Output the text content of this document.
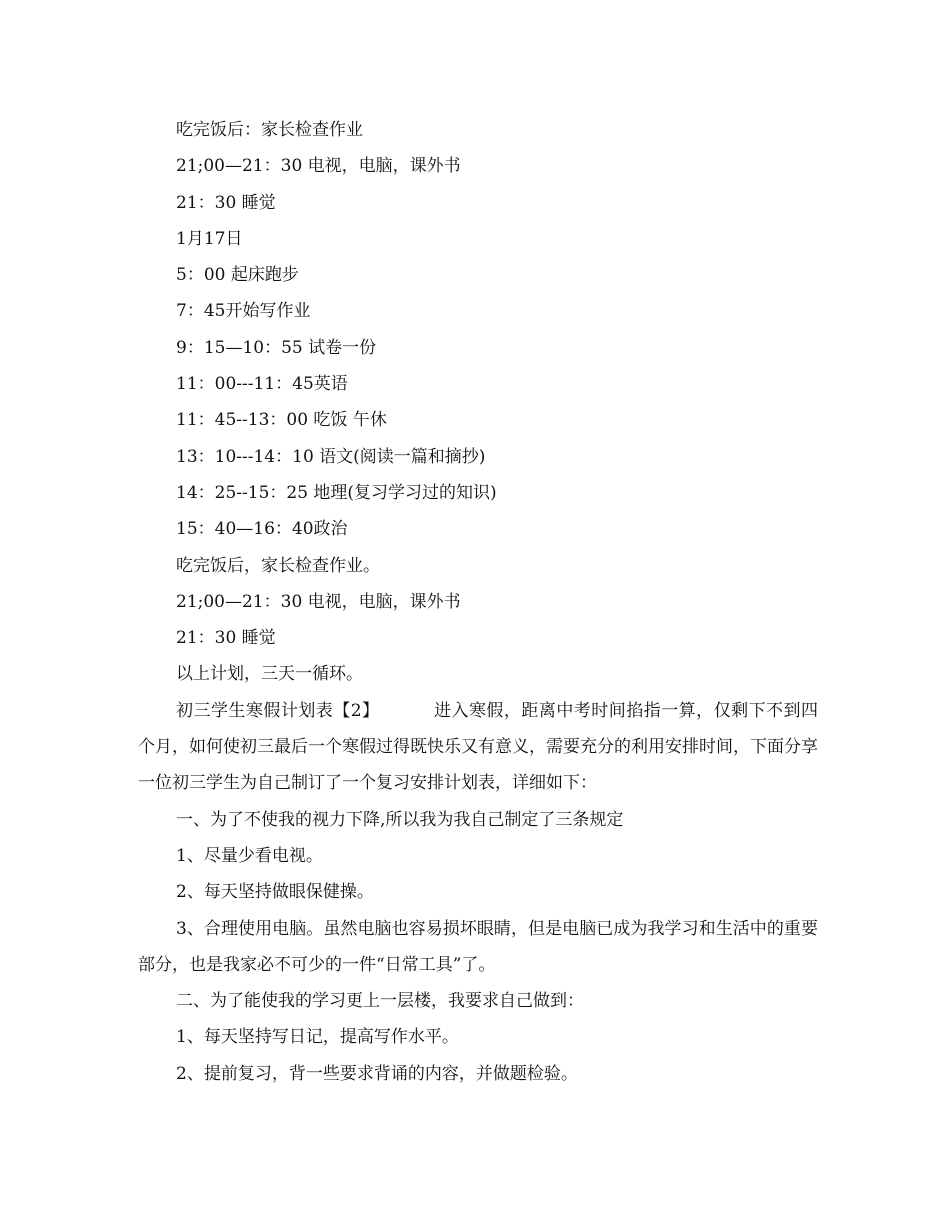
吃完饭后：家长检查作业
21;00—21：30 电视，电脑，课外书
21：30 睡觉
1月17日
5：00 起床跑步
7：45开始写作业
9：15—10：55 试卷一份
11：00---11：45英语
11：45--13：00 吃饭 午休
13：10---14：10 语文(阅读一篇和摘抄)
14：25--15：25 地理(复习学习过的知识)
15：40—16：40政治
吃完饭后，家长检查作业。
21;00—21：30 电视，电脑，课外书
21：30 睡觉
以上计划，三天一循环。
初三学生寒假计划表【2】	进入寒假，距离中考时间掐指一算，仅剩下不到四个月，如何使初三最后一个寒假过得既快乐又有意义，需要充分的利用安排时间，下面分享一位初三学生为自己制订了一个复习安排计划表，详细如下：
一、为了不使我的视力下降,所以我为我自己制定了三条规定
1、尽量少看电视。
2、每天坚持做眼保健操。
3、合理使用电脑。虽然电脑也容易损坏眼睛，但是电脑已成为我学习和生活中的重要部分，也是我家必不可少的一件“日常工具”了。
二、为了能使我的学习更上一层楼，我要求自己做到：
1、每天坚持写日记，提高写作水平。
2、提前复习，背一些要求背诵的内容，并做题检验。
